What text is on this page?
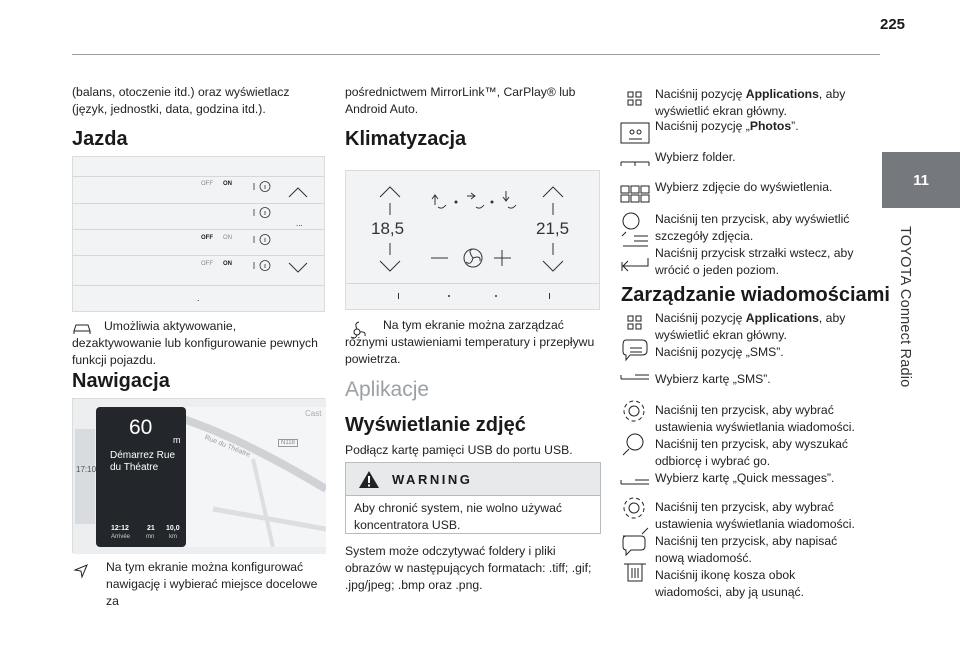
225
11
TOYOTA Connect Radio
(balans, otoczenie itd.) oraz wyświetlacz (język, jednostki, data, godzina itd.).
Jazda
OFF ON
OFF ON
OFF ON
...
.
Umożliwia aktywowanie, dezaktywowanie lub konfigurowanie pewnych funkcji pojazdu.
Nawigacja
60
m
Démarrez Rue du Théatre
17:10
12:12
Arrivée
21
mn
10,0
km
Rue du Théatre	N118
Cast
Na tym ekranie można konfigurować nawigację i wybierać miejsce docelowe za
pośrednictwem MirrorLink™, CarPlay® lub Android Auto.
Klimatyzacja
18,5	21,5
Na tym ekranie można zarządzać różnymi ustawieniami temperatury i przepływu powietrza.
Aplikacje
Wyświetlanie zdjęć
Podłącz kartę pamięci USB do portu USB.
WARNING
Aby chronić system, nie wolno używać koncentratora USB.
System może odczytywać foldery i pliki obrazów w następujących formatach: .tiff; .gif; .jpg/jpeg; .bmp oraz .png.
Naciśnij pozycję Applications, aby wyświetlić ekran główny.
Naciśnij pozycję „Photos”.
Wybierz folder.
Wybierz zdjęcie do wyświetlenia.
Naciśnij ten przycisk, aby wyświetlić szczegóły zdjęcia.
Naciśnij przycisk strzałki wstecz, aby wrócić o jeden poziom.
Zarządzanie wiadomościami
Naciśnij pozycję Applications, aby wyświetlić ekran główny.
Naciśnij pozycję „SMS”.
Wybierz kartę „SMS”.
Naciśnij ten przycisk, aby wybrać ustawienia wyświetlania wiadomości.
Naciśnij ten przycisk, aby wyszukać odbiorcę i wybrać go.
Wybierz kartę „Quick messages”.
Naciśnij ten przycisk, aby wybrać ustawienia wyświetlania wiadomości.
Naciśnij ten przycisk, aby napisać nową wiadomość.
Naciśnij ikonę kosza obok wiadomości, aby ją usunąć.
